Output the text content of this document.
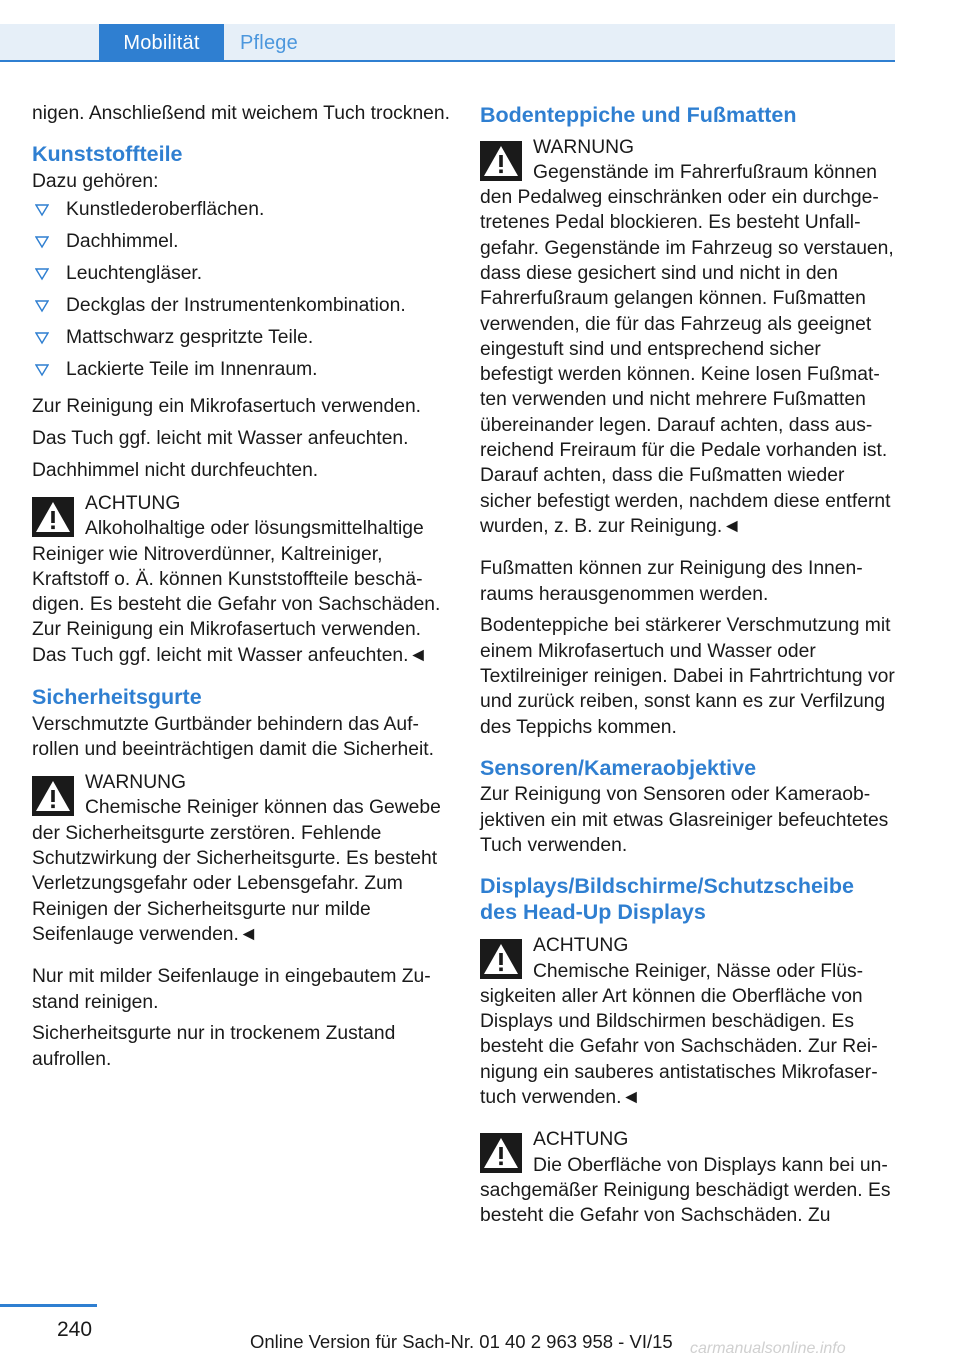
Mobilität	Pflege

nigen. Anschließend mit weichem Tuch trocknen.

Kunststoffteile

Dazu gehören:

Kunstlederoberflächen.
Dachhimmel.
Leuchtengläser.
Deckglas der Instrumentenkombination.
Mattschwarz gespritzte Teile.
Lackierte Teile im Innenraum.

Zur Reinigung ein Mikrofasertuch verwenden.

Das Tuch ggf. leicht mit Wasser anfeuchten.

Dachhimmel nicht durchfeuchten.

ACHTUNG
Alkoholhaltige oder lösungsmittelhaltige Reiniger wie Nitroverdünner, Kaltreiniger, Kraftstoff o. Ä. können Kunststoffteile beschädigen. Es besteht die Gefahr von Sachschäden. Zur Reinigung ein Mikrofasertuch verwenden. Das Tuch ggf. leicht mit Wasser anfeuchten.◄
Sicherheitsgurte

Verschmutzte Gurtbänder behindern das Aufrollen und beeinträchtigen damit die Sicherheit.

WARNUNG
Chemische Reiniger können das Gewebe der Sicherheitsgurte zerstören. Fehlende Schutzwirkung der Sicherheitsgurte. Es besteht Verletzungsgefahr oder Lebensgefahr. Zum Reinigen der Sicherheitsgurte nur milde Seifenlauge verwenden.◄

Nur mit milder Seifenlauge in eingebautem Zustand reinigen.

Sicherheitsgurte nur in trockenem Zustand aufrollen.

Bodenteppiche und Fußmatten
WARNUNG
Gegenstände im Fahrerfußraum können den Pedalweg einschränken oder ein durchgetretenes Pedal blockieren. Es besteht Unfallgefahr. Gegenstände im Fahrzeug so verstauen, dass diese gesichert sind und nicht in den Fahrerfußraum gelangen können. Fußmatten verwenden, die für das Fahrzeug als geeignet eingestuft sind und entsprechend sicher befestigt werden können. Keine losen Fußmatten verwenden und nicht mehrere Fußmatten übereinander legen. Darauf achten, dass ausreichend Freiraum für die Pedale vorhanden ist. Darauf achten, dass die Fußmatten wieder sicher befestigt werden, nachdem diese entfernt wurden, z. B. zur Reinigung.◄

Fußmatten können zur Reinigung des Innenraums herausgenommen werden.

Bodenteppiche bei stärkerer Verschmutzung mit einem Mikrofasertuch und Wasser oder Textilreiniger reinigen. Dabei in Fahrtrichtung vor und zurück reiben, sonst kann es zur Verfilzung des Teppichs kommen.

Sensoren/Kameraobjektive

Zur Reinigung von Sensoren oder Kameraobjektiven ein mit etwas Glasreiniger befeuchtetes Tuch verwenden.

Displays/Bildschirme/Schutzscheibe des Head-Up Displays
ACHTUNG
Chemische Reiniger, Nässe oder Flüssigkeiten aller Art können die Oberfläche von Displays und Bildschirmen beschädigen. Es besteht die Gefahr von Sachschäden. Zur Reinigung ein sauberes antistatisches Mikrofasertuch verwenden.◄
ACHTUNG
Die Oberfläche von Displays kann bei unsachgemäßer Reinigung beschädigt werden. Es besteht die Gefahr von Sachschäden. Zu
240
Online Version für Sach-Nr. 01 40 2 963 958 - VI/15 carmanualsonline.info
